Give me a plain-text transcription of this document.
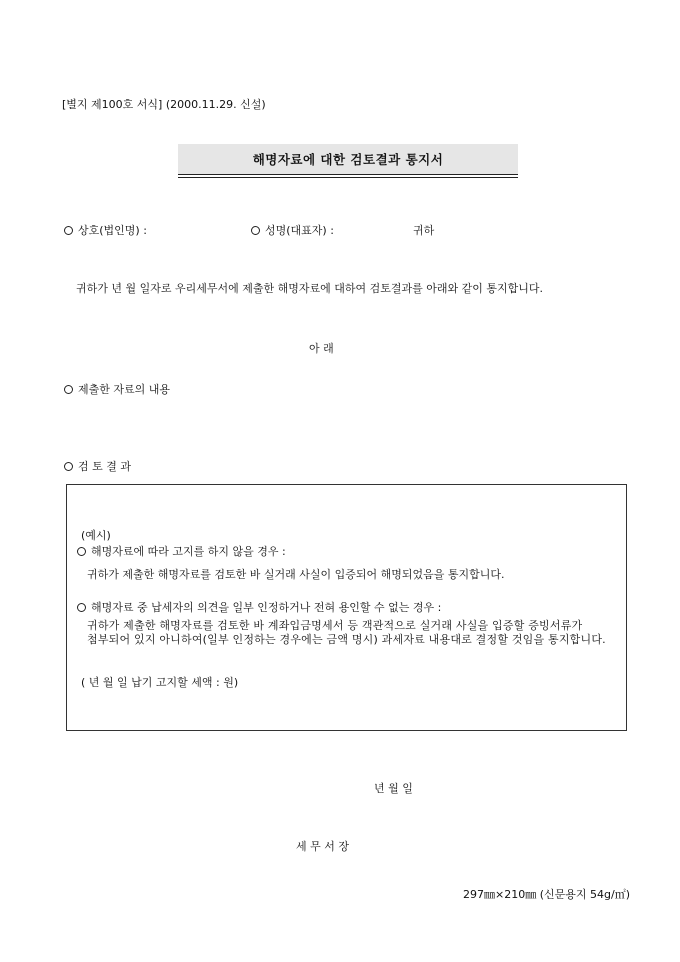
[별지 제100호 서식] (2000.11.29. 신설)
해명자료에 대한 검토결과 통지서
상호(법인명) :	성명(대표자) :	귀하
귀하가 년 월 일자로 우리세무서에 제출한 해명자료에 대하여 검토결과를 아래와 같이 통지합니다.
아 래
제출한 자료의 내용
검 토 결 과
(예시)
해명자료에 따라 고지를 하지 않을 경우 :
귀하가 제출한 해명자료를 검토한 바 실거래 사실이 입증되어 해명되었음을 통지합니다.
해명자료 중 납세자의 의견을 일부 인정하거나 전혀 용인할 수 없는 경우 :
귀하가 제출한 해명자료를 검토한 바 계좌입금명세서 등 객관적으로 실거래 사실을 입증할 증빙서류가 첨부되어 있지 아니하여(일부 인정하는 경우에는 금액 명시) 과세자료 내용대로 결정할 것임을 통지합니다.
( 년 월 일 납기 고지할 세액 : 원)
년 월 일
세 무 서 장
297㎜×210㎜ (신문용지 54g/㎡)
